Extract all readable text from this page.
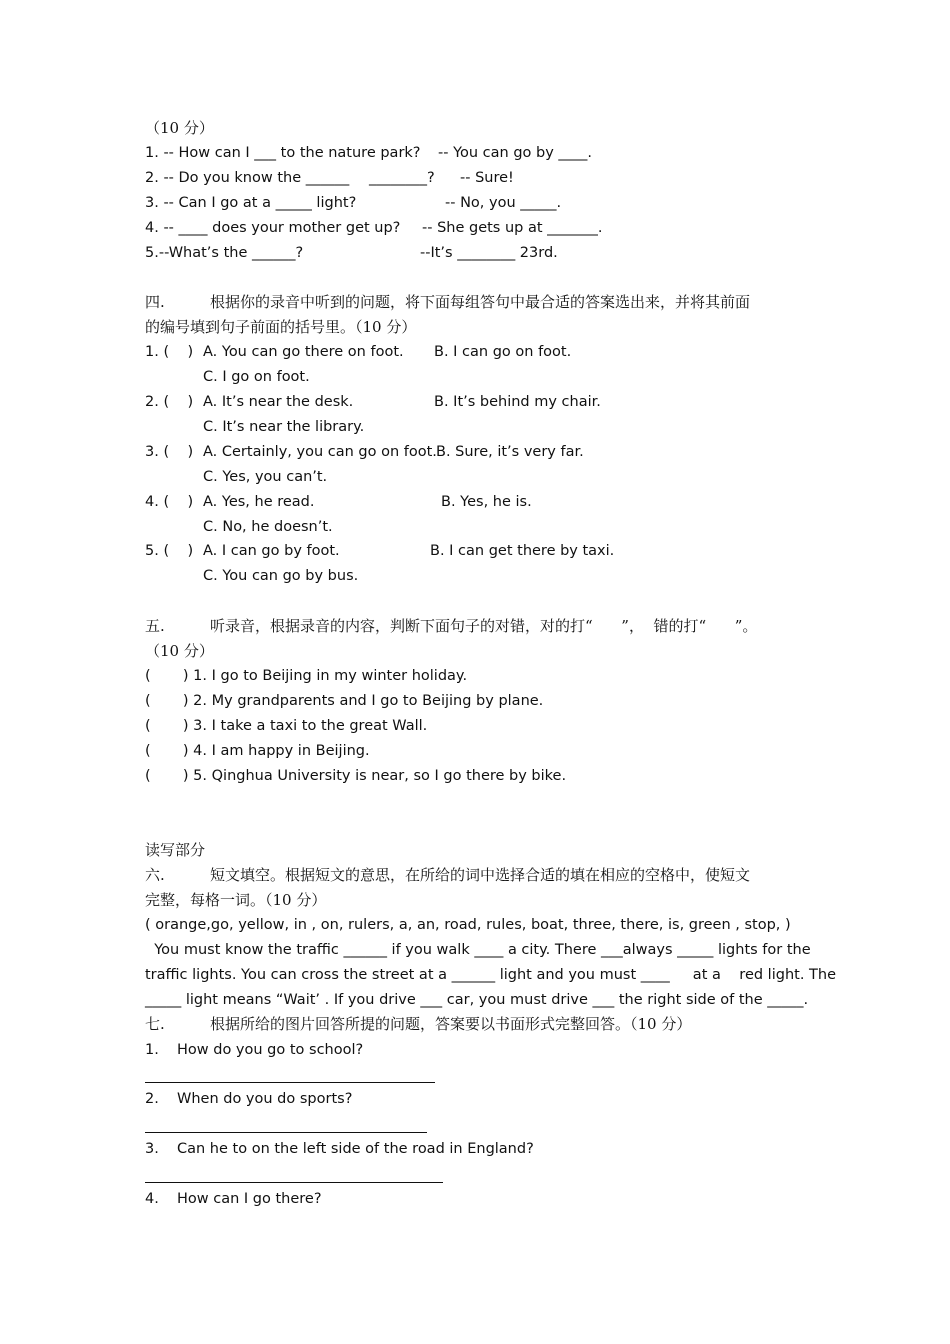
（10 分）
1. -- How can I ___ to the nature park? -- You can go by ____.
2. -- Do you know the ______ ________? -- Sure!
3. -- Can I go at a _____ light?	-- No, you _____.
4. -- ____ does your mother get up? -- She gets up at _______.
5.--What’s the ______?	--It’s ________ 23rd.
四.	根据你的录音中听到的问题，将下面每组答句中最合适的答案选出来，并将其前面
的编号填到句子前面的括号里。（10 分）
1. (    ) A. You can go there on foot. B. I can go on foot.
C. I go on foot.
2. (    ) A. It’s near the desk.	B. It’s behind my chair.
C. It’s near the library.
3. (    ) A. Certainly, you can go on foot. B. Sure, it’s very far.
C. Yes, you can’t.
4. (    ) A. Yes, he read.	B. Yes, he is.
C. No, he doesn’t.
5. (    ) A. I can go by foot.	B. I can get there by taxi.
C. You can go by bus.
五.	听录音，根据录音的内容，判断下面句子的对错，对的打“      ”，  错的打“      ”。
（10 分）
(       ) 1. I go to Beijing in my winter holiday.
(       ) 2. My grandparents and I go to Beijing by plane.
(       ) 3. I take a taxi to the great Wall.
(       ) 4. I am happy in Beijing.
(       ) 5. Qinghua University is near, so I go there by bike.
读写部分
六.	短文填空。根据短文的意思，在所给的词中选择合适的填在相应的空格中，使短文
完整，每格一词。（10 分）
( orange,go, yellow, in , on, rulers, a, an, road, rules, boat, three, there, is, green , stop, )
You must know the traffic ______ if you walk ____ a city. There ___always _____ lights for the
traffic lights. You can cross the street at a ______ light and you must ____     at a    red light. The
_____ light means “Wait’ . If you drive ___ car, you must drive ___ the right side of the _____.
七.	根据所给的图片回答所提的问题，答案要以书面形式完整回答。（10 分）
1. How do you go to school?
2. When do you do sports?
3. Can he to on the left side of the road in England?
4. How can I go there?
